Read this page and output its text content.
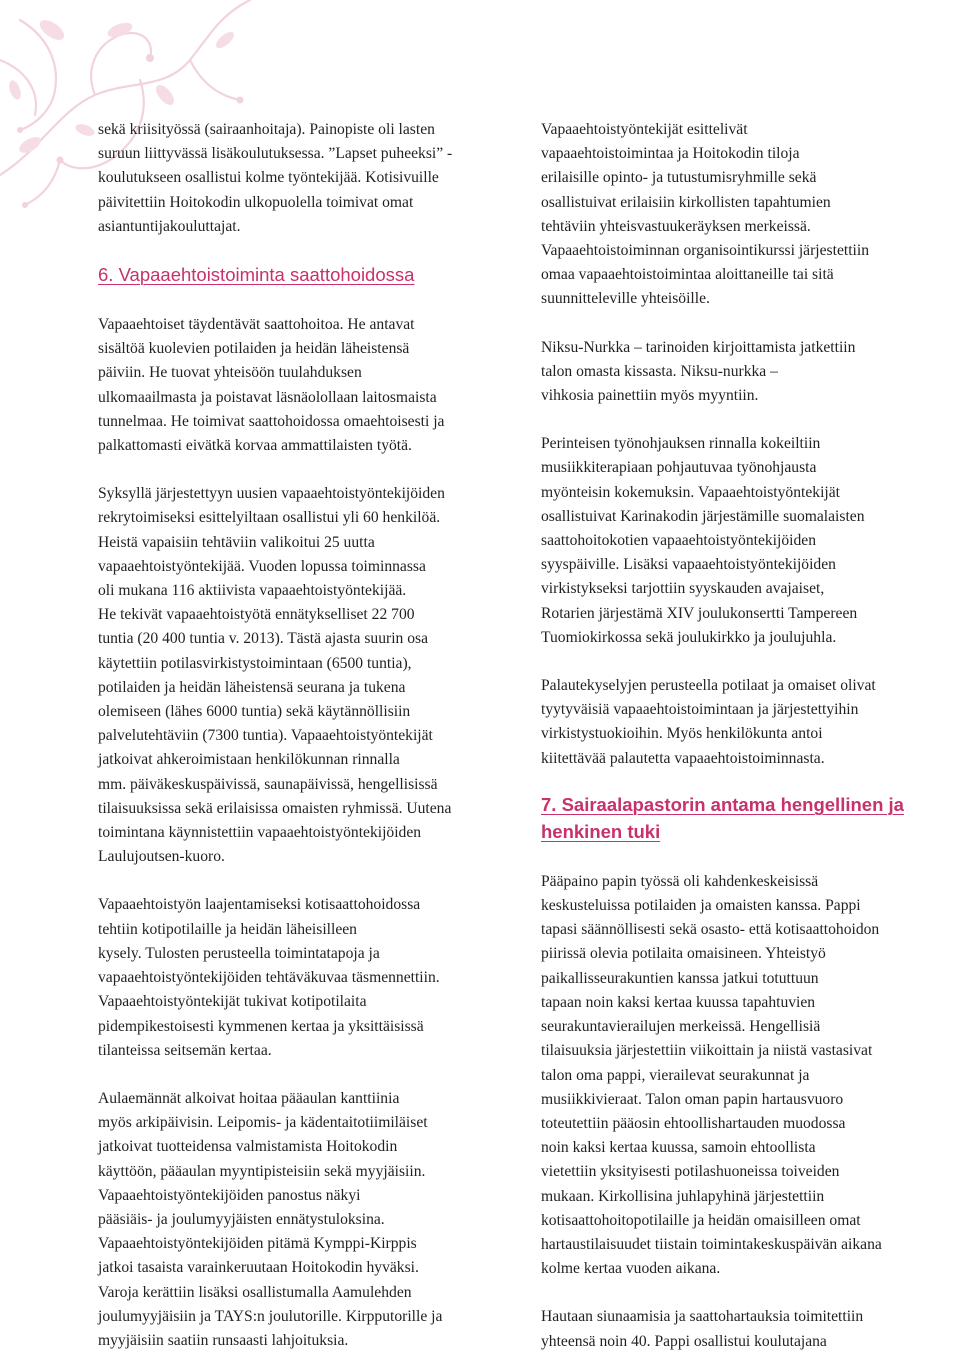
sekä kriisityössä (sairaanhoitaja). Painopiste oli lasten
suruun liittyvässä lisäkoulutuksessa. ”Lapset puheeksi” -
koulutukseen osallistui kolme työntekijää. Kotisivuille
päivitettiin Hoitokodin ulkopuolella toimivat omat
asiantuntijakouluttajat.

6. Vapaaehtoistoiminta saattohoidossa

Vapaaehtoiset täydentävät saattohoitoa. He antavat
sisältöä kuolevien potilaiden ja heidän läheistensä
päiviin. He tuovat yhteisöön tuulahduksen
ulkomaailmasta ja poistavat läsnäolollaan laitosmaista
tunnelmaa. He toimivat saattohoidossa omaehtoisesti ja
palkattomasti eivätkä korvaa ammattilaisten työtä.

Syksyllä järjestettyyn uusien vapaaehtoistyöntekijöiden
rekrytoimiseksi esittelyiltaan osallistui yli 60 henkilöä.
Heistä vapaisiin tehtäviin valikoitui 25 uutta
vapaaehtoistyöntekijää. Vuoden lopussa toiminnassa
oli mukana 116 aktiivista vapaaehtoistyöntekijää.
He tekivät vapaaehtoistyötä ennätykselliset 22 700
tuntia (20 400 tuntia v. 2013). Tästä ajasta suurin osa
käytettiin potilasvirkistystoimintaan (6500 tuntia),
potilaiden ja heidän läheistensä seurana ja tukena
olemiseen (lähes 6000 tuntia) sekä käytännöllisiin
palvelutehtäviin (7300 tuntia). Vapaaehtoistyöntekijät
jatkoivat ahkeroimistaan henkilökunnan rinnalla
mm. päiväkeskuspäivissä, saunapäivissä, hengellisissä
tilaisuuksissa sekä erilaisissa omaisten ryhmissä. Uutena
toimintana käynnistettiin vapaaehtoistyöntekijöiden
Laulujoutsen-kuoro.

Vapaaehtoistyön laajentamiseksi kotisaattohoidossa
tehtiin kotipotilaille ja heidän läheisilleen
kysely. Tulosten perusteella toimintatapoja ja
vapaaehtoistyöntekijöiden tehtäväkuvaa täsmennettiin.
Vapaaehtoistyöntekijät tukivat kotipotilaita
pidempikestoisesti kymmenen kertaa ja yksittäisissä
tilanteissa seitsemän kertaa.

Aulaemännät alkoivat hoitaa pääaulan kanttiinia
myös arkipäivisin. Leipomis- ja kädentaitotiimiläiset
jatkoivat tuotteidensa valmistamista Hoitokodin
käyttöön, pääaulan myyntipisteisiin sekä myyjäisiin.
Vapaaehtoistyöntekijöiden panostus näkyi
pääsiäis- ja joulumyyjäisten ennätystuloksina.
Vapaaehtoistyöntekijöiden pitämä Kymppi-Kirppis
jatkoi tasaista varainkeruutaan Hoitokodin hyväksi.
Varoja kerättiin lisäksi osallistumalla Aamulehden
joulumyyjäisiin ja TAYS:n joulutorille. Kirpputorille ja
myyjäisiin saatiin runsaasti lahjoituksia.

Vapaaehtoistyöntekijät esittelivät
vapaaehtoistoimintaa ja Hoitokodin tiloja
erilaisille opinto- ja tutustumisryhmille sekä
osallistuivat erilaisiin kirkollisten tapahtumien
tehtäviin yhteisvastuukeräyksen merkeissä.
Vapaaehtoistoiminnan organisointikurssi järjestettiin
omaa vapaaehtoistoimintaa aloittaneille tai sitä
suunnitteleville yhteisöille.

Niksu-Nurkka – tarinoiden kirjoittamista jatkettiin
talon omasta kissasta. Niksu-nurkka –
vihkosia painettiin myös myyntiin.

Perinteisen työnohjauksen rinnalla kokeiltiin
musiikkiterapiaan pohjautuvaa työnohjausta
myönteisin kokemuksin. Vapaaehtoistyöntekijät
osallistuivat Karinakodin järjestämille suomalaisten
saattohoitokotien vapaaehtoistyöntekijöiden
syyspäiville. Lisäksi vapaaehtoistyöntekijöiden
virkistykseksi tarjottiin syyskauden avajaiset,
Rotarien järjestämä XIV joulukonsertti Tampereen
Tuomiokirkossa sekä joulukirkko ja joulujuhla.

Palautekyselyjen perusteella potilaat ja omaiset olivat
tyytyväisiä vapaaehtoistoimintaan ja järjestettyihin
virkistystuokioihin. Myös henkilökunta antoi
kiitettävää palautetta vapaaehtoistoiminnasta.

7. Sairaalapastorin antama hengellinen ja
henkinen tuki

Pääpaino papin työssä oli kahdenkeskeisissä
keskusteluissa potilaiden ja omaisten kanssa. Pappi
tapasi säännöllisesti sekä osasto- että kotisaattohoidon
piirissä olevia potilaita omaisineen. Yhteistyö
paikallisseurakuntien kanssa jatkui totuttuun
tapaan noin kaksi kertaa kuussa tapahtuvien
seurakuntavierailujen merkeissä. Hengellisiä
tilaisuuksia järjestettiin viikoittain ja niistä vastasivat
talon oma pappi, vierailevat seurakunnat ja
musiikkivieraat. Talon oman papin hartausvuoro
toteutettiin pääosin ehtoollishartauden muodossa
noin kaksi kertaa kuussa, samoin ehtoollista
vietettiin yksityisesti potilashuoneissa toiveiden
mukaan. Kirkollisina juhlapyhinä järjestettiin
kotisaattohoitopotilaille ja heidän omaisilleen omat
hartaustilaisuudet tiistain toimintakeskuspäivän aikana
kolme kertaa vuoden aikana.

Hautaan siunaamisia ja saattohartauksia toimitettiin
yhteensä noin 40. Pappi osallistui koulutajana
